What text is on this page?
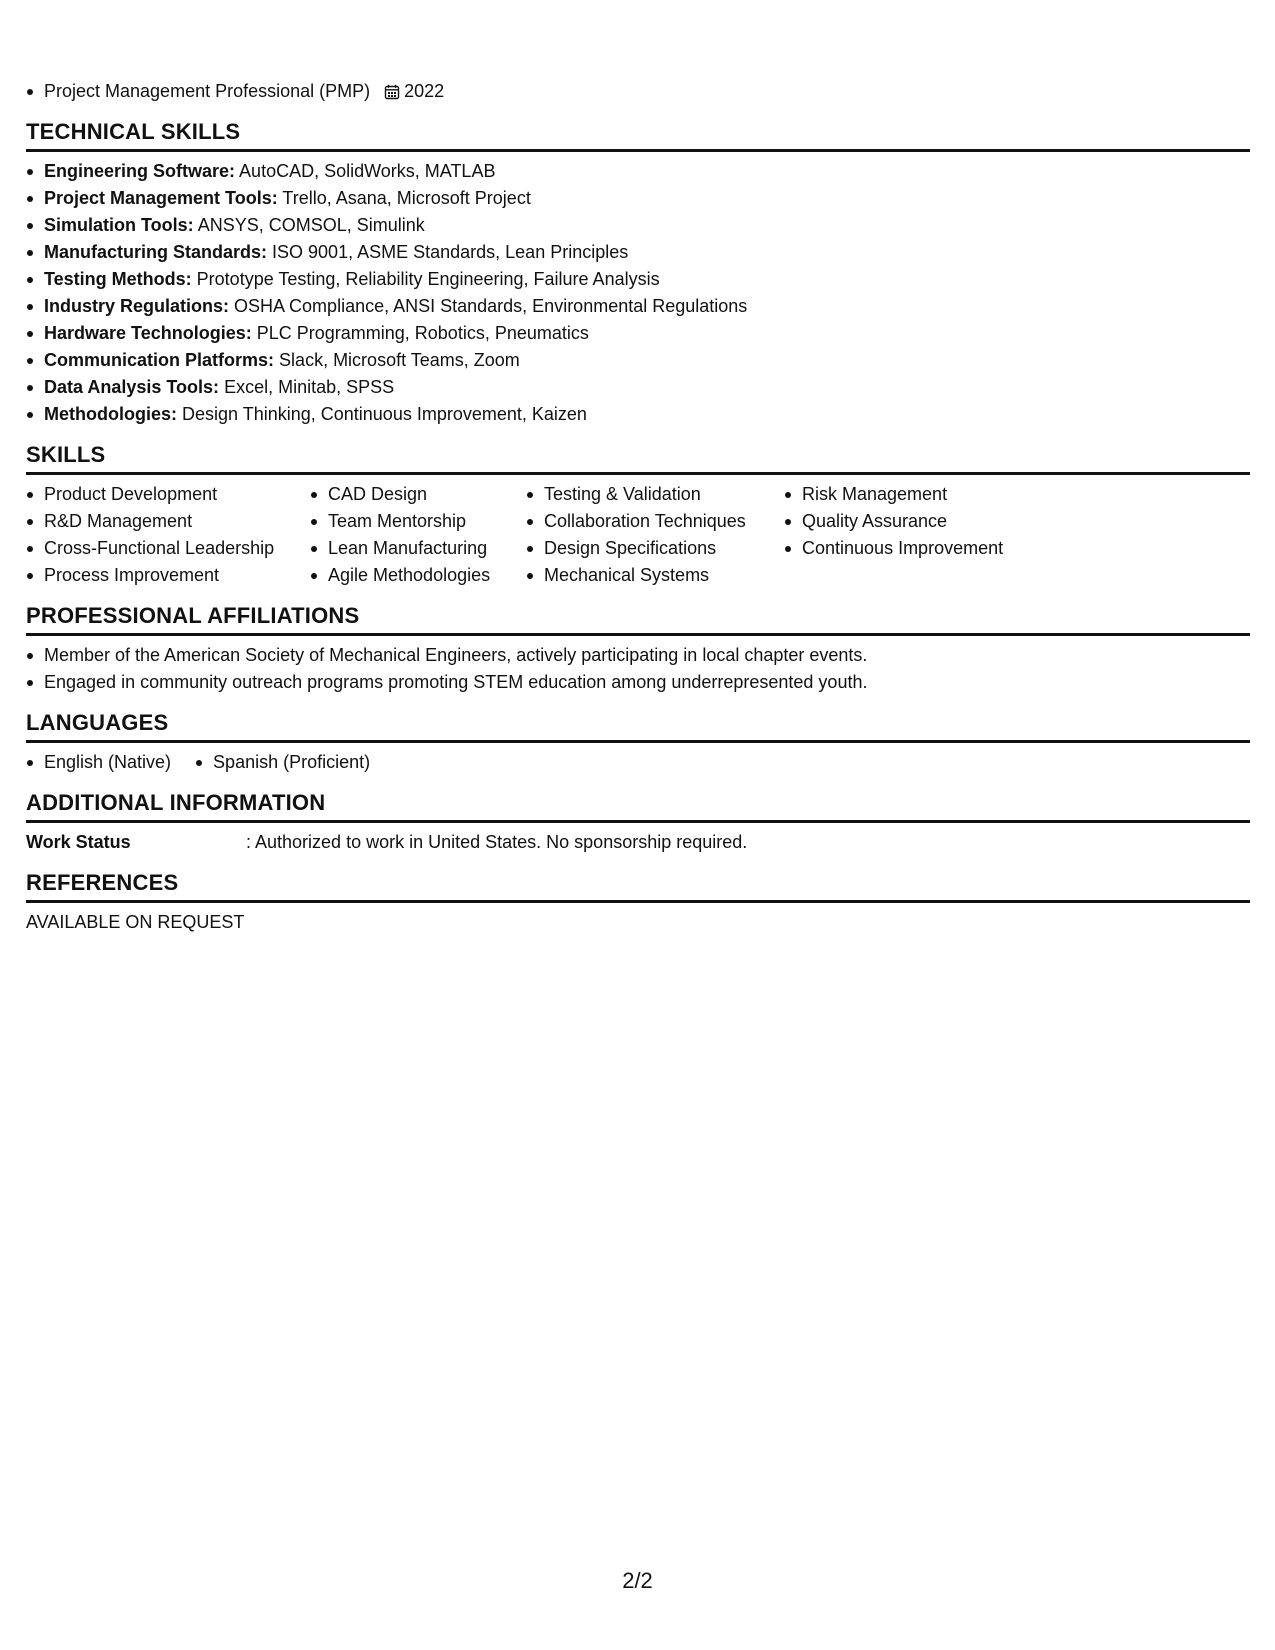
Project Management Professional (PMP) 2022
TECHNICAL SKILLS
Engineering Software: AutoCAD, SolidWorks, MATLAB
Project Management Tools: Trello, Asana, Microsoft Project
Simulation Tools: ANSYS, COMSOL, Simulink
Manufacturing Standards: ISO 9001, ASME Standards, Lean Principles
Testing Methods: Prototype Testing, Reliability Engineering, Failure Analysis
Industry Regulations: OSHA Compliance, ANSI Standards, Environmental Regulations
Hardware Technologies: PLC Programming, Robotics, Pneumatics
Communication Platforms: Slack, Microsoft Teams, Zoom
Data Analysis Tools: Excel, Minitab, SPSS
Methodologies: Design Thinking, Continuous Improvement, Kaizen
SKILLS
Product Development
R&D Management
Cross-Functional Leadership
Process Improvement
CAD Design
Team Mentorship
Lean Manufacturing
Agile Methodologies
Testing & Validation
Collaboration Techniques
Design Specifications
Mechanical Systems
Risk Management
Quality Assurance
Continuous Improvement
PROFESSIONAL AFFILIATIONS
Member of the American Society of Mechanical Engineers, actively participating in local chapter events.
Engaged in community outreach programs promoting STEM education among underrepresented youth.
LANGUAGES
English (Native)	Spanish (Proficient)
ADDITIONAL INFORMATION
Work Status	: Authorized to work in United States. No sponsorship required.
REFERENCES
AVAILABLE ON REQUEST
2/2
